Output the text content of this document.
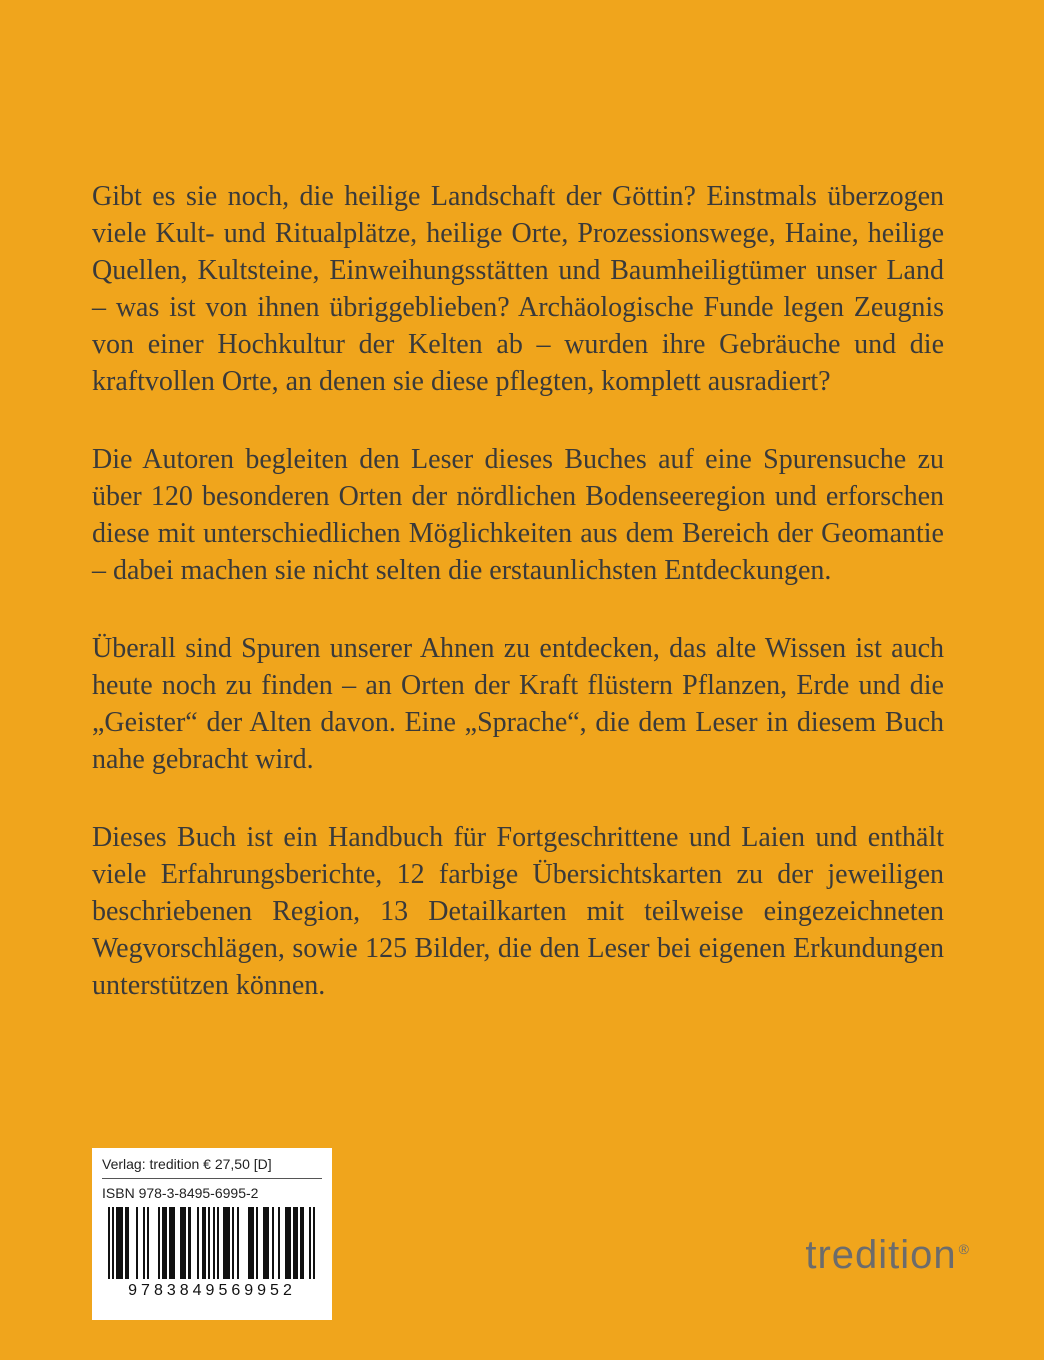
Gibt es sie noch, die heilige Landschaft der Göttin? Einstmals überzogen viele Kult- und Ritualplätze, heilige Orte, Prozessionswege, Haine, heilige Quellen, Kultsteine, Einweihungsstätten und Baumheiligtümer unser Land – was ist von ihnen übriggeblieben? Archäologische Funde legen Zeugnis von einer Hochkultur der Kelten ab – wurden ihre Gebräuche und die kraftvollen Orte, an denen sie diese pflegten, komplett ausradiert?

Die Autoren begleiten den Leser dieses Buches auf eine Spurensuche zu über 120 besonderen Orten der nördlichen Bodenseeregion und erforschen diese mit unterschiedlichen Möglichkeiten aus dem Bereich der Geomantie – dabei machen sie nicht selten die erstaunlichsten Entdeckungen.

Überall sind Spuren unserer Ahnen zu entdecken, das alte Wissen ist auch heute noch zu finden – an Orten der Kraft flüstern Pflanzen, Erde und die „Geister“ der Alten davon. Eine „Sprache“, die dem Leser in diesem Buch nahe gebracht wird.

Dieses Buch ist ein Handbuch für Fortgeschrittene und Laien und enthält viele Erfahrungsberichte, 12 farbige Übersichtskarten zu der jeweiligen beschriebenen Region, 13 Detailkarten mit teilweise eingezeichneten Wegvorschlägen, sowie 125 Bilder, die den Leser bei eigenen Erkundungen unterstützen können.

Verlag: tredition € 27,50 [D]
ISBN 978-3-8495-6995-2
9783849569952
tredition ®
